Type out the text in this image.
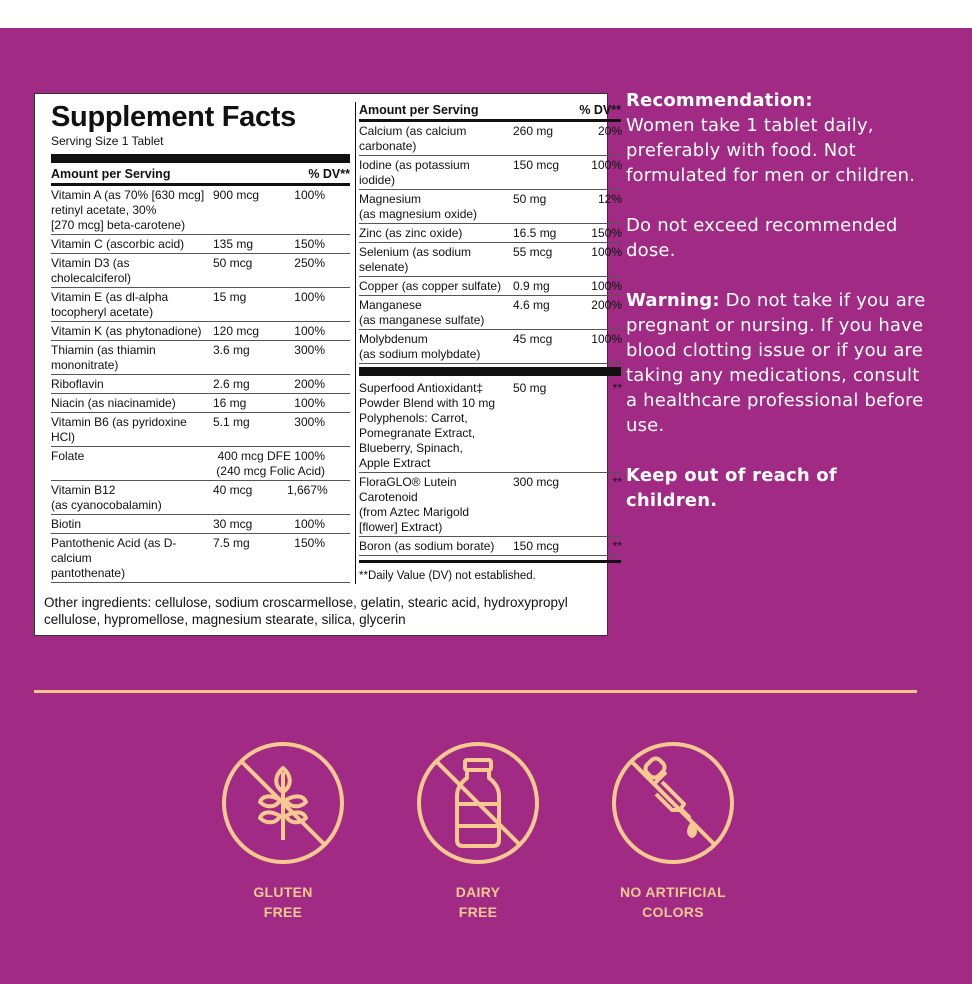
Supplement Facts
Serving Size 1 Tablet
Amount per Serving	% DV**
Vitamin A (as 70% [630 mcg]
retinyl acetate, 30%
[270 mcg] beta-carotene)
900 mcg	100%
Vitamin C (ascorbic acid)	135 mg	150%
Vitamin D3 (as cholecalciferol)
50 mcg	250%
Vitamin E (as dl-alpha
tocopheryl acetate)
15 mg	100%
Vitamin K (as phytonadione) 120 mcg	100%
Thiamin (as thiamin
mononitrate)
3.6 mg	300%
Riboflavin	2.6 mg	200%
Niacin (as niacinamide)	16 mg	100%
Vitamin B6 (as pyridoxine HCl)
5.1 mg	300%
Folate	400 mcg DFE 100%
(240 mcg Folic Acid)
Vitamin B12
(as cyanocobalamin)
40 mcg	1,667%
Biotin	30 mcg	100%
Pantothenic Acid (as D-calcium
pantothenate)
7.5 mg	150%
Amount per Serving	% DV**
Calcium (as calcium
carbonate)
260 mg	20%
Iodine (as potassium iodide)
150 mcg	100%
Magnesium
(as magnesium oxide)
50 mg	12%
Zinc (as zinc oxide)	16.5 mg	150%
Selenium (as sodium selenate)
55 mcg	100%
Copper (as copper sulfate) 0.9 mg	100%
Manganese
(as manganese sulfate)
4.6 mg	200%
Molybdenum
(as sodium molybdate)
45 mcg	100%
Superfood Antioxidant‡
Powder Blend with 10 mg
Polyphenols: Carrot,
Pomegranate Extract,
Blueberry, Spinach,
Apple Extract
50 mg	**
FloraGLO® Lutein Carotenoid
(from Aztec Marigold
[flower] Extract)
300 mcg	**
Boron (as sodium borate)	150 mcg	**
**Daily Value (DV) not established.
Other ingredients: cellulose, sodium croscarmellose, gelatin, stearic acid, hydroxypropyl cellulose, hypromellose, magnesium stearate, silica, glycerin

Recommendation:
Women take 1 tablet daily, preferably with food. Not formulated for men or children.

Do not exceed recommended dose.

Warning: Do not take if you are pregnant or nursing. If you have blood clotting issue or if you are taking any medications, consult a healthcare professional before use.

Keep out of reach of children.

GLUTEN
FREE
DAIRY
FREE
NO ARTIFICIAL
COLORS
